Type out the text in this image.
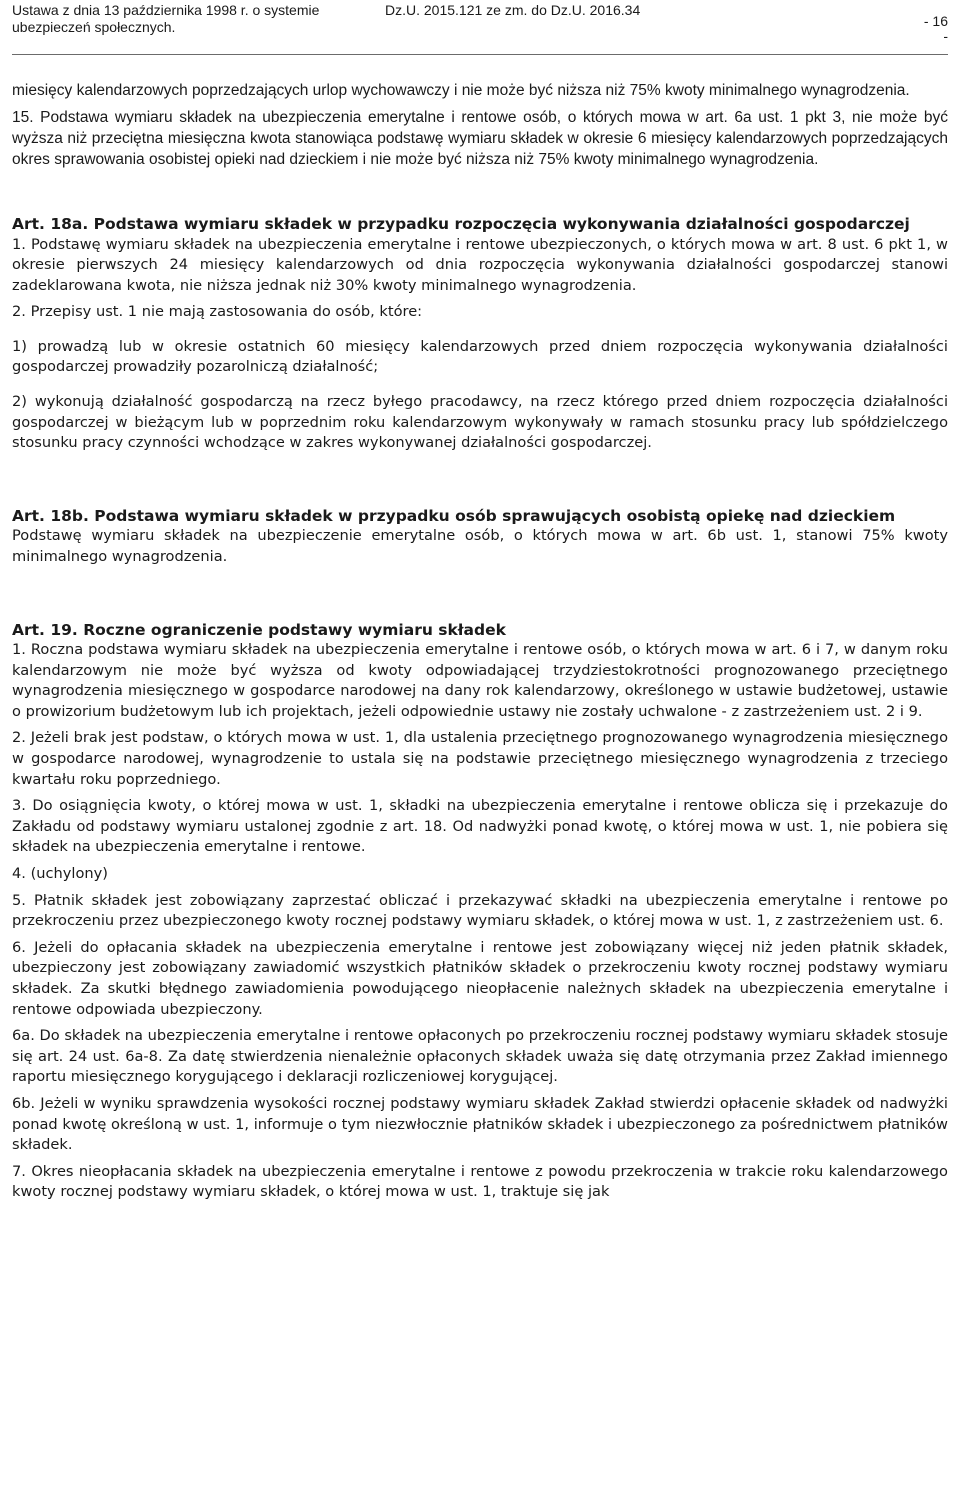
Ustawa z dnia 13 października 1998 r. o systemie
ubezpieczeń społecznych.
Dz.U. 2015.121 ze zm. do Dz.U. 2016.34
- 16
-

miesięcy kalendarzowych poprzedzających urlop wychowawczy i nie może być niższa niż 75% kwoty minimalnego wynagrodzenia.

15. Podstawa wymiaru składek na ubezpieczenia emerytalne i rentowe osób, o których mowa w art. 6a ust. 1 pkt 3, nie może być wyższa niż przeciętna miesięczna kwota stanowiąca podstawę wymiaru składek w okresie 6 miesięcy kalendarzowych poprzedzających okres sprawowania osobistej opieki nad dzieckiem i nie może być niższa niż 75% kwoty minimalnego wynagrodzenia.

Art. 18a. Podstawa wymiaru składek w przypadku rozpoczęcia wykonywania działalności gospodarczej

1. Podstawę wymiaru składek na ubezpieczenia emerytalne i rentowe ubezpieczonych, o których mowa w art. 8 ust. 6 pkt 1, w okresie pierwszych 24 miesięcy kalendarzowych od dnia rozpoczęcia wykonywania działalności gospodarczej stanowi zadeklarowana kwota, nie niższa jednak niż 30% kwoty minimalnego wynagrodzenia.

2. Przepisy ust. 1 nie mają zastosowania do osób, które:

1) prowadzą lub w okresie ostatnich 60 miesięcy kalendarzowych przed dniem rozpoczęcia wykonywania działalności gospodarczej prowadziły pozarolniczą działalność;

2) wykonują działalność gospodarczą na rzecz byłego pracodawcy, na rzecz którego przed dniem rozpoczęcia działalności gospodarczej w bieżącym lub w poprzednim roku kalendarzowym wykonywały w ramach stosunku pracy lub spółdzielczego stosunku pracy czynności wchodzące w zakres wykonywanej działalności gospodarczej.

Art. 18b. Podstawa wymiaru składek w przypadku osób sprawujących osobistą opiekę nad dzieckiem

Podstawę wymiaru składek na ubezpieczenie emerytalne osób, o których mowa w art. 6b ust. 1, stanowi 75% kwoty minimalnego wynagrodzenia.

Art. 19. Roczne ograniczenie podstawy wymiaru składek

1. Roczna podstawa wymiaru składek na ubezpieczenia emerytalne i rentowe osób, o których mowa w art. 6 i 7, w danym roku kalendarzowym nie może być wyższa od kwoty odpowiadającej trzydziestokrotności prognozowanego przeciętnego wynagrodzenia miesięcznego w gospodarce narodowej na dany rok kalendarzowy, określonego w ustawie budżetowej, ustawie o prowizorium budżetowym lub ich projektach, jeżeli odpowiednie ustawy nie zostały uchwalone - z zastrzeżeniem ust. 2 i 9.

2. Jeżeli brak jest podstaw, o których mowa w ust. 1, dla ustalenia przeciętnego prognozowanego wynagrodzenia miesięcznego w gospodarce narodowej, wynagrodzenie to ustala się na podstawie przeciętnego miesięcznego wynagrodzenia z trzeciego kwartału roku poprzedniego.

3. Do osiągnięcia kwoty, o której mowa w ust. 1, składki na ubezpieczenia emerytalne i rentowe oblicza się i przekazuje do Zakładu od podstawy wymiaru ustalonej zgodnie z art. 18. Od nadwyżki ponad kwotę, o której mowa w ust. 1, nie pobiera się składek na ubezpieczenia emerytalne i rentowe.

4. (uchylony)

5. Płatnik składek jest zobowiązany zaprzestać obliczać i przekazywać składki na ubezpieczenia emerytalne i rentowe po przekroczeniu przez ubezpieczonego kwoty rocznej podstawy wymiaru składek, o której mowa w ust. 1, z zastrzeżeniem ust. 6.

6. Jeżeli do opłacania składek na ubezpieczenia emerytalne i rentowe jest zobowiązany więcej niż jeden płatnik składek, ubezpieczony jest zobowiązany zawiadomić wszystkich płatników składek o przekroczeniu kwoty rocznej podstawy wymiaru składek. Za skutki błędnego zawiadomienia powodującego nieopłacenie należnych składek na ubezpieczenia emerytalne i rentowe odpowiada ubezpieczony.

6a. Do składek na ubezpieczenia emerytalne i rentowe opłaconych po przekroczeniu rocznej podstawy wymiaru składek stosuje się art. 24 ust. 6a-8. Za datę stwierdzenia nienależnie opłaconych składek uważa się datę otrzymania przez Zakład imiennego raportu miesięcznego korygującego i deklaracji rozliczeniowej korygującej.

6b. Jeżeli w wyniku sprawdzenia wysokości rocznej podstawy wymiaru składek Zakład stwierdzi opłacenie składek od nadwyżki ponad kwotę określoną w ust. 1, informuje o tym niezwłocznie płatników składek i ubezpieczonego za pośrednictwem płatników składek.

7. Okres nieopłacania składek na ubezpieczenia emerytalne i rentowe z powodu przekroczenia w trakcie roku kalendarzowego kwoty rocznej podstawy wymiaru składek, o której mowa w ust. 1, traktuje się jak
